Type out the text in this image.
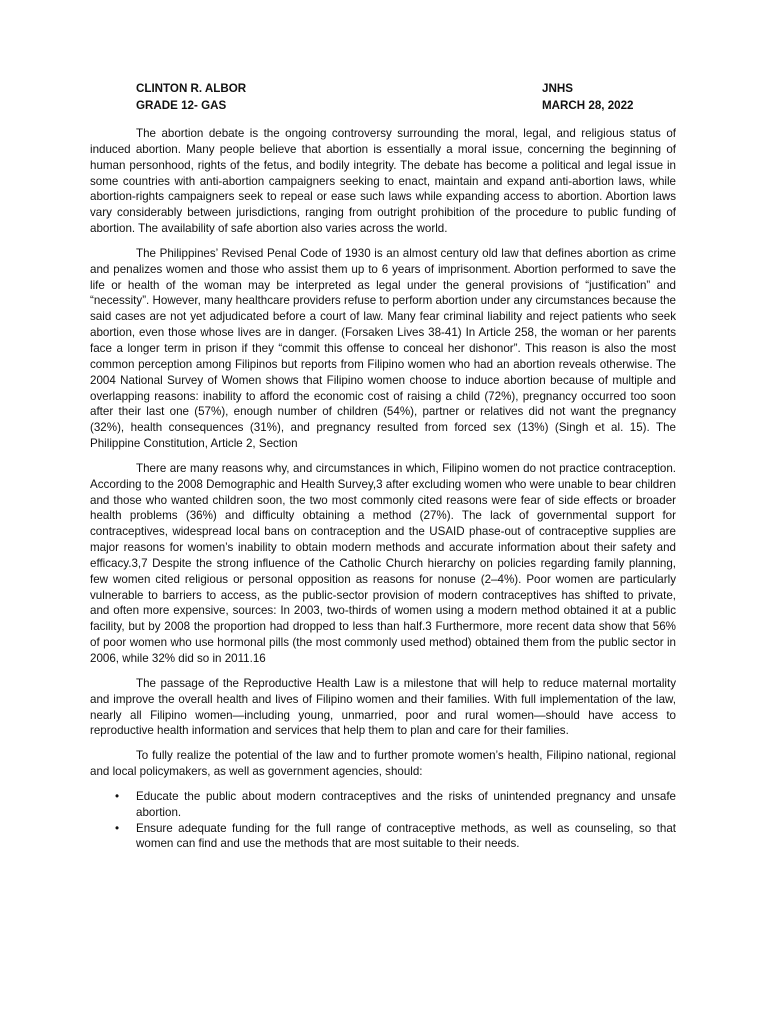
CLINTON R. ALBOR	JNHS
GRADE 12- GAS	MARCH 28, 2022

The abortion debate is the ongoing controversy surrounding the moral, legal, and religious status of induced abortion. Many people believe that abortion is essentially a moral issue, concerning the beginning of human personhood, rights of the fetus, and bodily integrity. The debate has become a political and legal issue in some countries with anti-abortion campaigners seeking to enact, maintain and expand anti-abortion laws, while abortion-rights campaigners seek to repeal or ease such laws while expanding access to abortion. Abortion laws vary considerably between jurisdictions, ranging from outright prohibition of the procedure to public funding of abortion. The availability of safe abortion also varies across the world.

The Philippines’ Revised Penal Code of 1930 is an almost century old law that defines abortion as crime and penalizes women and those who assist them up to 6 years of imprisonment. Abortion performed to save the life or health of the woman may be interpreted as legal under the general provisions of “justification” and “necessity”. However, many healthcare providers refuse to perform abortion under any circumstances because the said cases are not yet adjudicated before a court of law. Many fear criminal liability and reject patients who seek abortion, even those whose lives are in danger. (Forsaken Lives 38-41) In Article 258, the woman or her parents face a longer term in prison if they “commit this offense to conceal her dishonor”. This reason is also the most common perception among Filipinos but reports from Filipino women who had an abortion reveals otherwise. The 2004 National Survey of Women shows that Filipino women choose to induce abortion because of multiple and overlapping reasons: inability to afford the economic cost of raising a child (72%), pregnancy occurred too soon after their last one (57%), enough number of children (54%), partner or relatives did not want the pregnancy (32%), health consequences (31%), and pregnancy resulted from forced sex (13%) (Singh et al. 15). The Philippine Constitution, Article 2, Section

There are many reasons why, and circumstances in which, Filipino women do not practice contraception. According to the 2008 Demographic and Health Survey,3 after excluding women who were unable to bear children and those who wanted children soon, the two most commonly cited reasons were fear of side effects or broader health problems (36%) and difficulty obtaining a method (27%). The lack of governmental support for contraceptives, widespread local bans on contraception and the USAID phase-out of contraceptive supplies are major reasons for women’s inability to obtain modern methods and accurate information about their safety and efficacy.3,7 Despite the strong influence of the Catholic Church hierarchy on policies regarding family planning, few women cited religious or personal opposition as reasons for nonuse (2–4%). Poor women are particularly vulnerable to barriers to access, as the public-sector provision of modern contraceptives has shifted to private, and often more expensive, sources: In 2003, two-thirds of women using a modern method obtained it at a public facility, but by 2008 the proportion had dropped to less than half.3 Furthermore, more recent data show that 56% of poor women who use hormonal pills (the most commonly used method) obtained them from the public sector in 2006, while 32% did so in 2011.16

The passage of the Reproductive Health Law is a milestone that will help to reduce maternal mortality and improve the overall health and lives of Filipino women and their families. With full implementation of the law, nearly all Filipino women—including young, unmarried, poor and rural women—should have access to reproductive health information and services that help them to plan and care for their families.

To fully realize the potential of the law and to further promote women’s health, Filipino national, regional and local policymakers, as well as government agencies, should:

• Educate the public about modern contraceptives and the risks of unintended pregnancy and unsafe abortion.
• Ensure adequate funding for the full range of contraceptive methods, as well as counseling, so that women can find and use the methods that are most suitable to their needs.
